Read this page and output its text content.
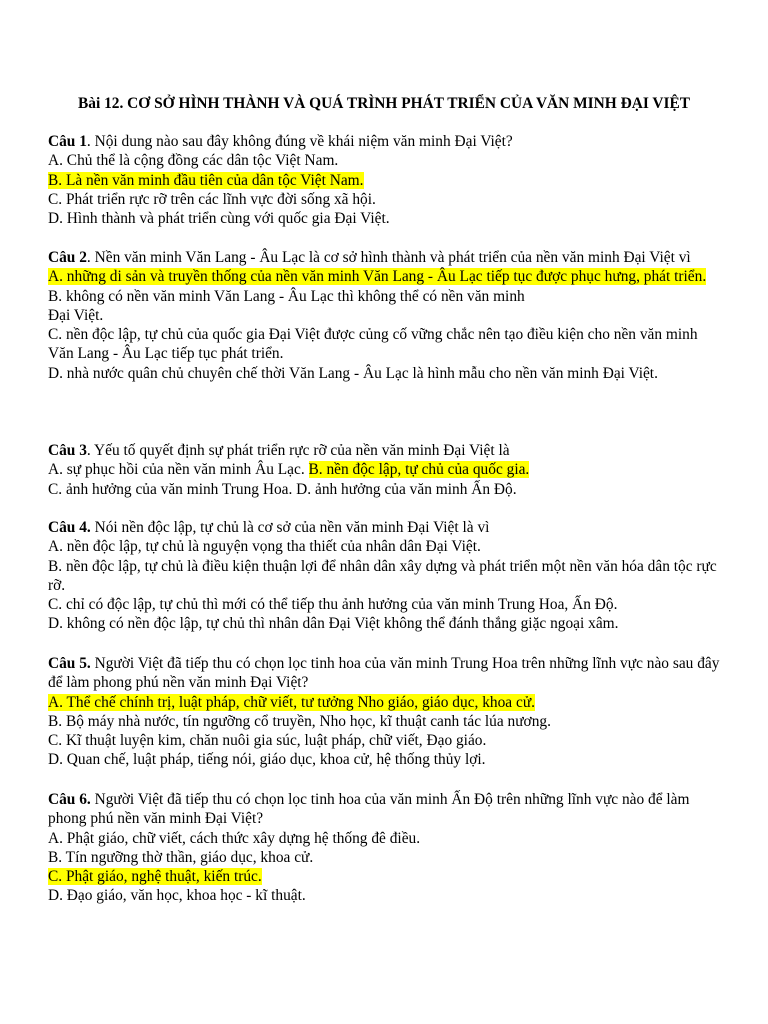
Bài 12. CƠ SỞ HÌNH THÀNH VÀ QUÁ TRÌNH PHÁT TRIỂN CỦA VĂN MINH ĐẠI VIỆT

Câu 1. Nội dung nào sau đây không đúng về khái niệm văn minh Đại Việt?

A. Chủ thể là cộng đồng các dân tộc Việt Nam.

B. Là nền văn minh đầu tiên của dân tộc Việt Nam.

C. Phát triển rực rỡ trên các lĩnh vực đời sống xã hội.

D. Hình thành và phát triển cùng với quốc gia Đại Việt.

Câu 2. Nền văn minh Văn Lang - Âu Lạc là cơ sở hình thành và phát triển của nền văn minh Đại Việt vì

A. những di sản và truyền thống của nền văn minh Văn Lang - Âu Lạc tiếp tục được phục hưng, phát triển.

B. không có nền văn minh Văn Lang - Âu Lạc thì không thể có nền văn minh

Đại Việt.

C. nền độc lập, tự chủ của quốc gia Đại Việt được củng cố vững chắc nên tạo điều kiện cho nền văn minh Văn Lang - Âu Lạc tiếp tục phát triển.

D. nhà nước quân chủ chuyên chế thời Văn Lang - Âu Lạc là hình mẫu cho nền văn minh Đại Việt.

Câu 3. Yếu tố quyết định sự phát triển rực rỡ của nền văn minh Đại Việt là

A. sự phục hồi của nền văn minh Âu Lạc. B. nền độc lập, tự chủ của quốc gia.

C. ảnh hưởng của văn minh Trung Hoa. D. ảnh hưởng của văn minh Ấn Độ.

Câu 4. Nói nền độc lập, tự chủ là cơ sở của nền văn minh Đại Việt là vì

A. nền độc lập, tự chủ là nguyện vọng tha thiết của nhân dân Đại Việt.

B. nền độc lập, tự chủ là điều kiện thuận lợi để nhân dân xây dựng và phát triển một nền văn hóa dân tộc rực rỡ.

C. chỉ có độc lập, tự chủ thì mới có thể tiếp thu ảnh hưởng của văn minh Trung Hoa, Ấn Độ.

D. không có nền độc lập, tự chủ thì nhân dân Đại Việt không thể đánh thắng giặc ngoại xâm.

Câu 5. Người Việt đã tiếp thu có chọn lọc tinh hoa của văn minh Trung Hoa trên những lĩnh vực nào sau đây để làm phong phú nền văn minh Đại Việt?

A. Thể chế chính trị, luật pháp, chữ viết, tư tưởng Nho giáo, giáo dục, khoa cử.

B. Bộ máy nhà nước, tín ngưỡng cổ truyền, Nho học, kĩ thuật canh tác lúa nương.

C. Kĩ thuật luyện kim, chăn nuôi gia súc, luật pháp, chữ viết, Đạo giáo.

D. Quan chế, luật pháp, tiếng nói, giáo dục, khoa cử, hệ thống thủy lợi.

Câu 6. Người Việt đã tiếp thu có chọn lọc tinh hoa của văn minh Ấn Độ trên những lĩnh vực nào để làm phong phú nền văn minh Đại Việt?

A. Phật giáo, chữ viết, cách thức xây dựng hệ thống đê điều.

B. Tín ngưỡng thờ thần, giáo dục, khoa cử.

C. Phật giáo, nghệ thuật, kiến trúc.

D. Đạo giáo, văn học, khoa học - kĩ thuật.
